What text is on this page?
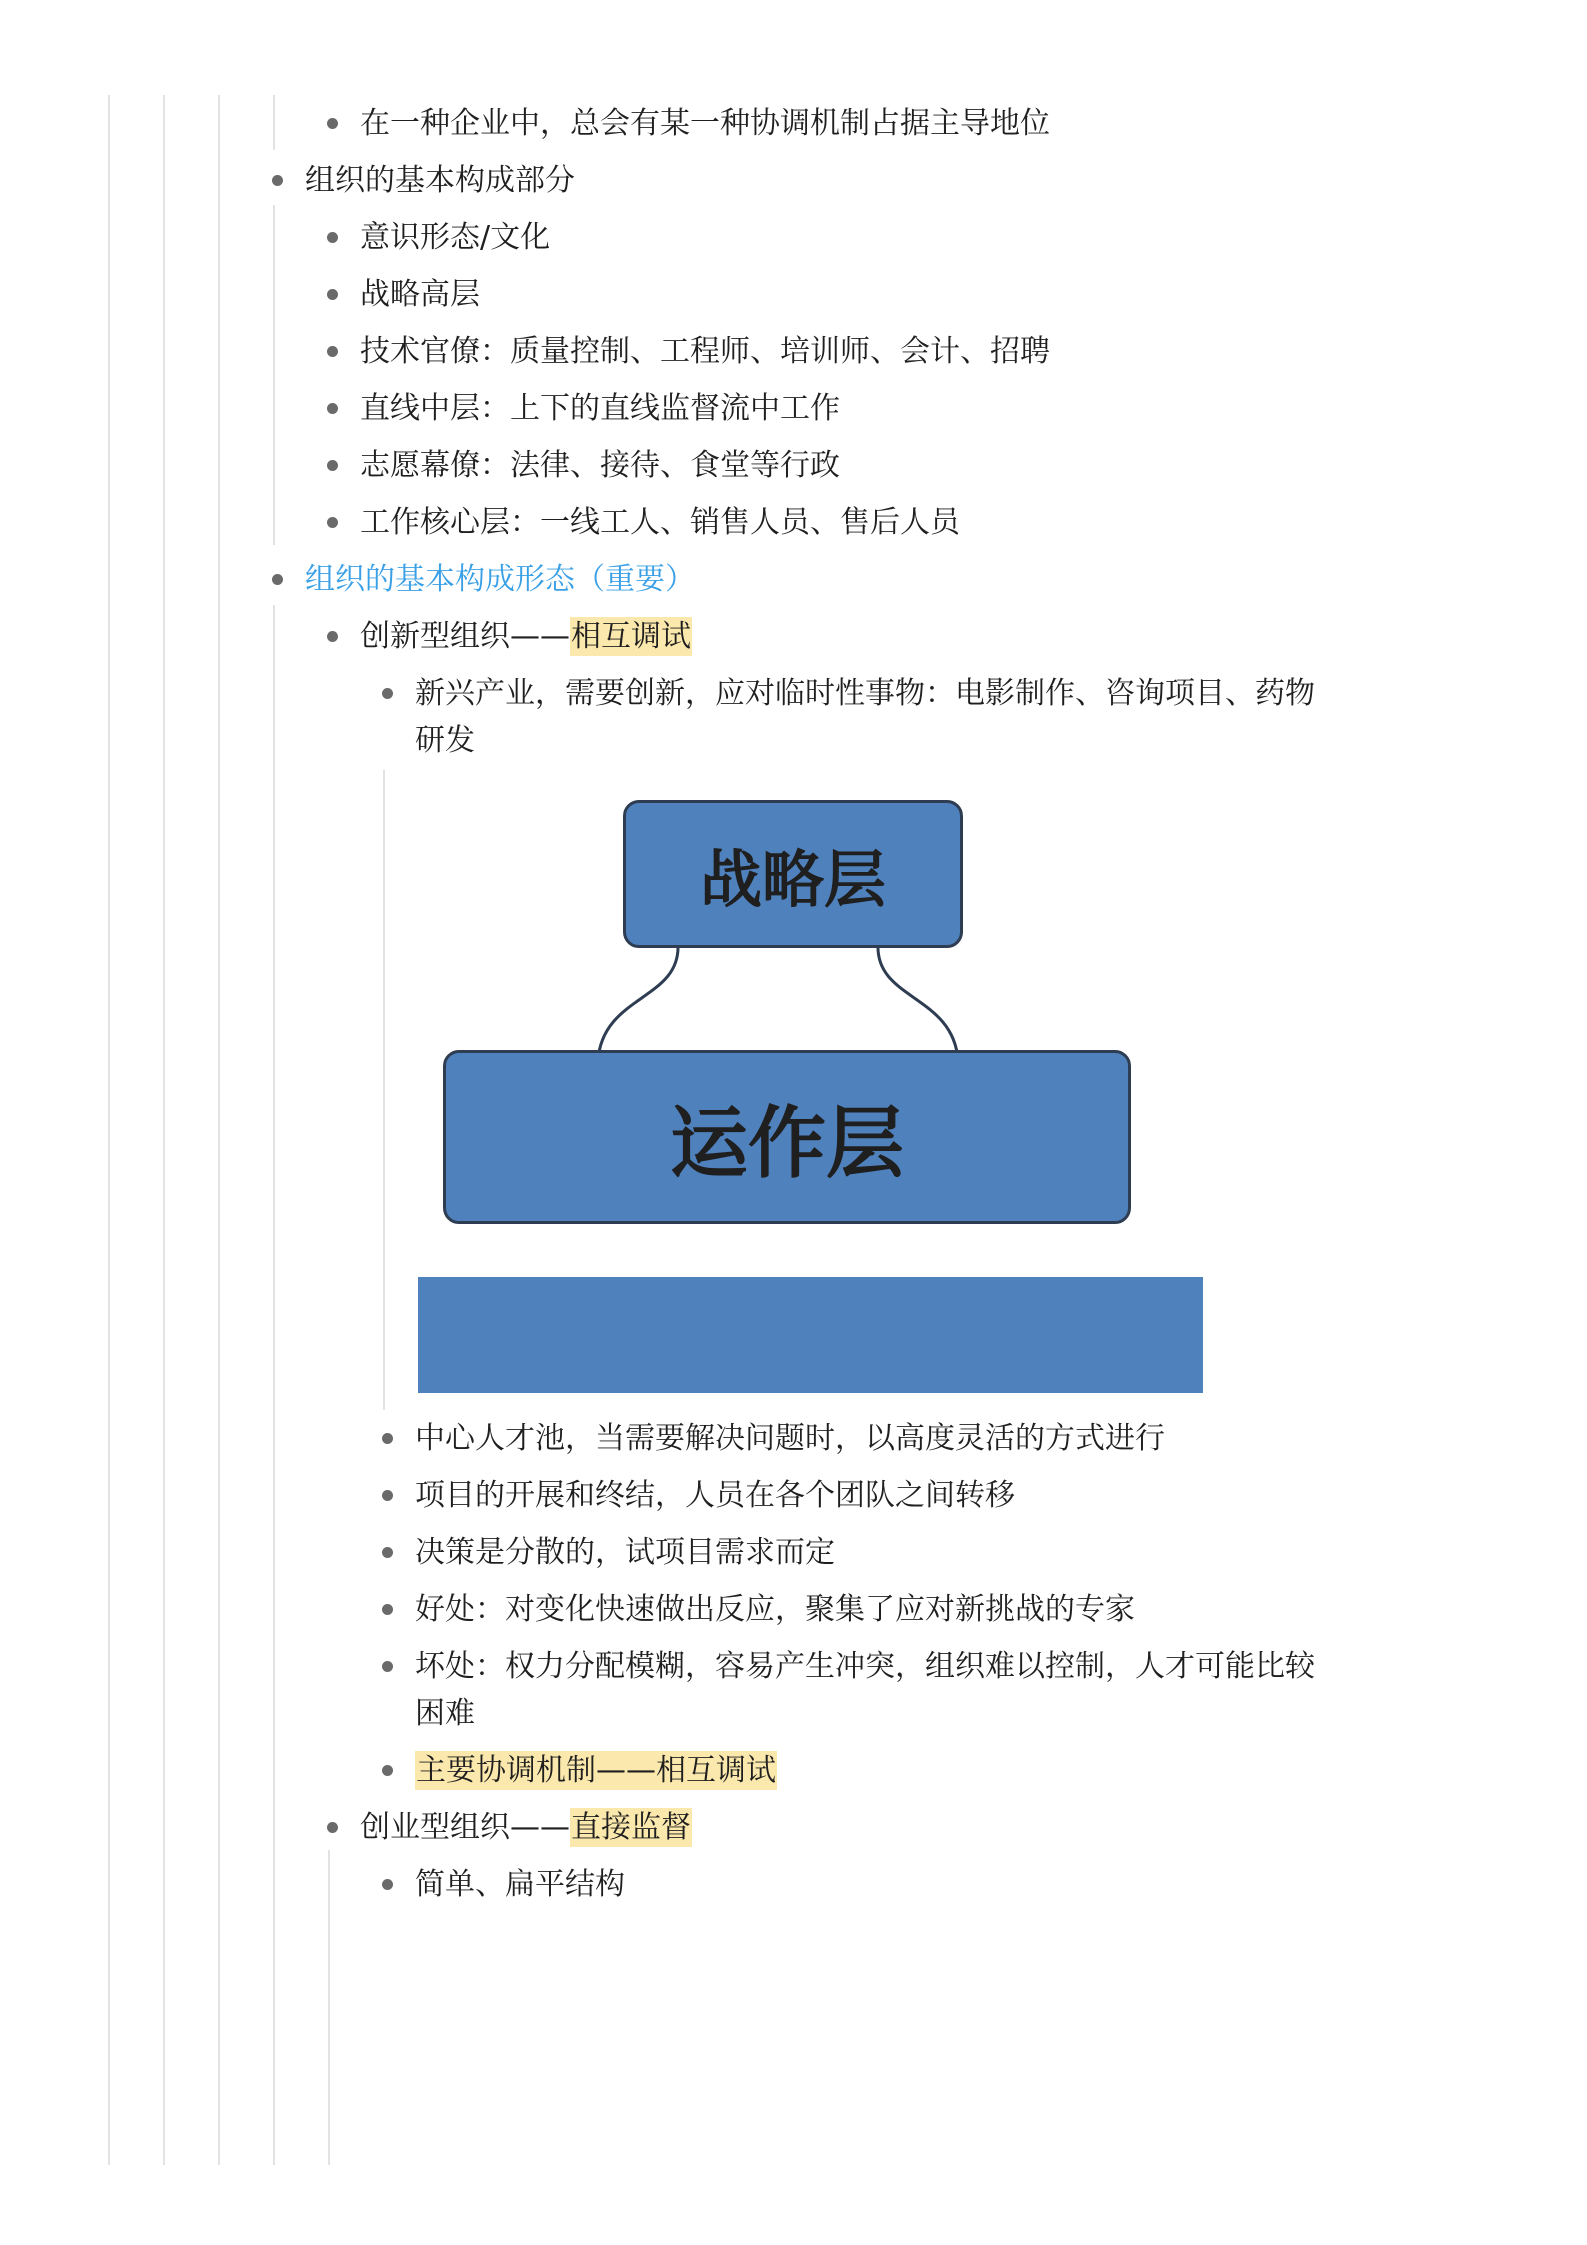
在一种企业中，总会有某一种协调机制占据主导地位
组织的基本构成部分
意识形态/文化
战略高层
技术官僚：质量控制、工程师、培训师、会计、招聘
直线中层：上下的直线监督流中工作
志愿幕僚：法律、接待、食堂等行政
工作核心层：一线工人、销售人员、售后人员
组织的基本构成形态（重要）
创新型组织——相互调试
新兴产业，需要创新，应对临时性事物：电影制作、咨询项目、药物研发
战略层
运作层
中心人才池，当需要解决问题时，以高度灵活的方式进行
项目的开展和终结，人员在各个团队之间转移
决策是分散的，试项目需求而定
好处：对变化快速做出反应，聚集了应对新挑战的专家
坏处：权力分配模糊，容易产生冲突，组织难以控制，人才可能比较困难
主要协调机制——相互调试
创业型组织——直接监督
简单、扁平结构
